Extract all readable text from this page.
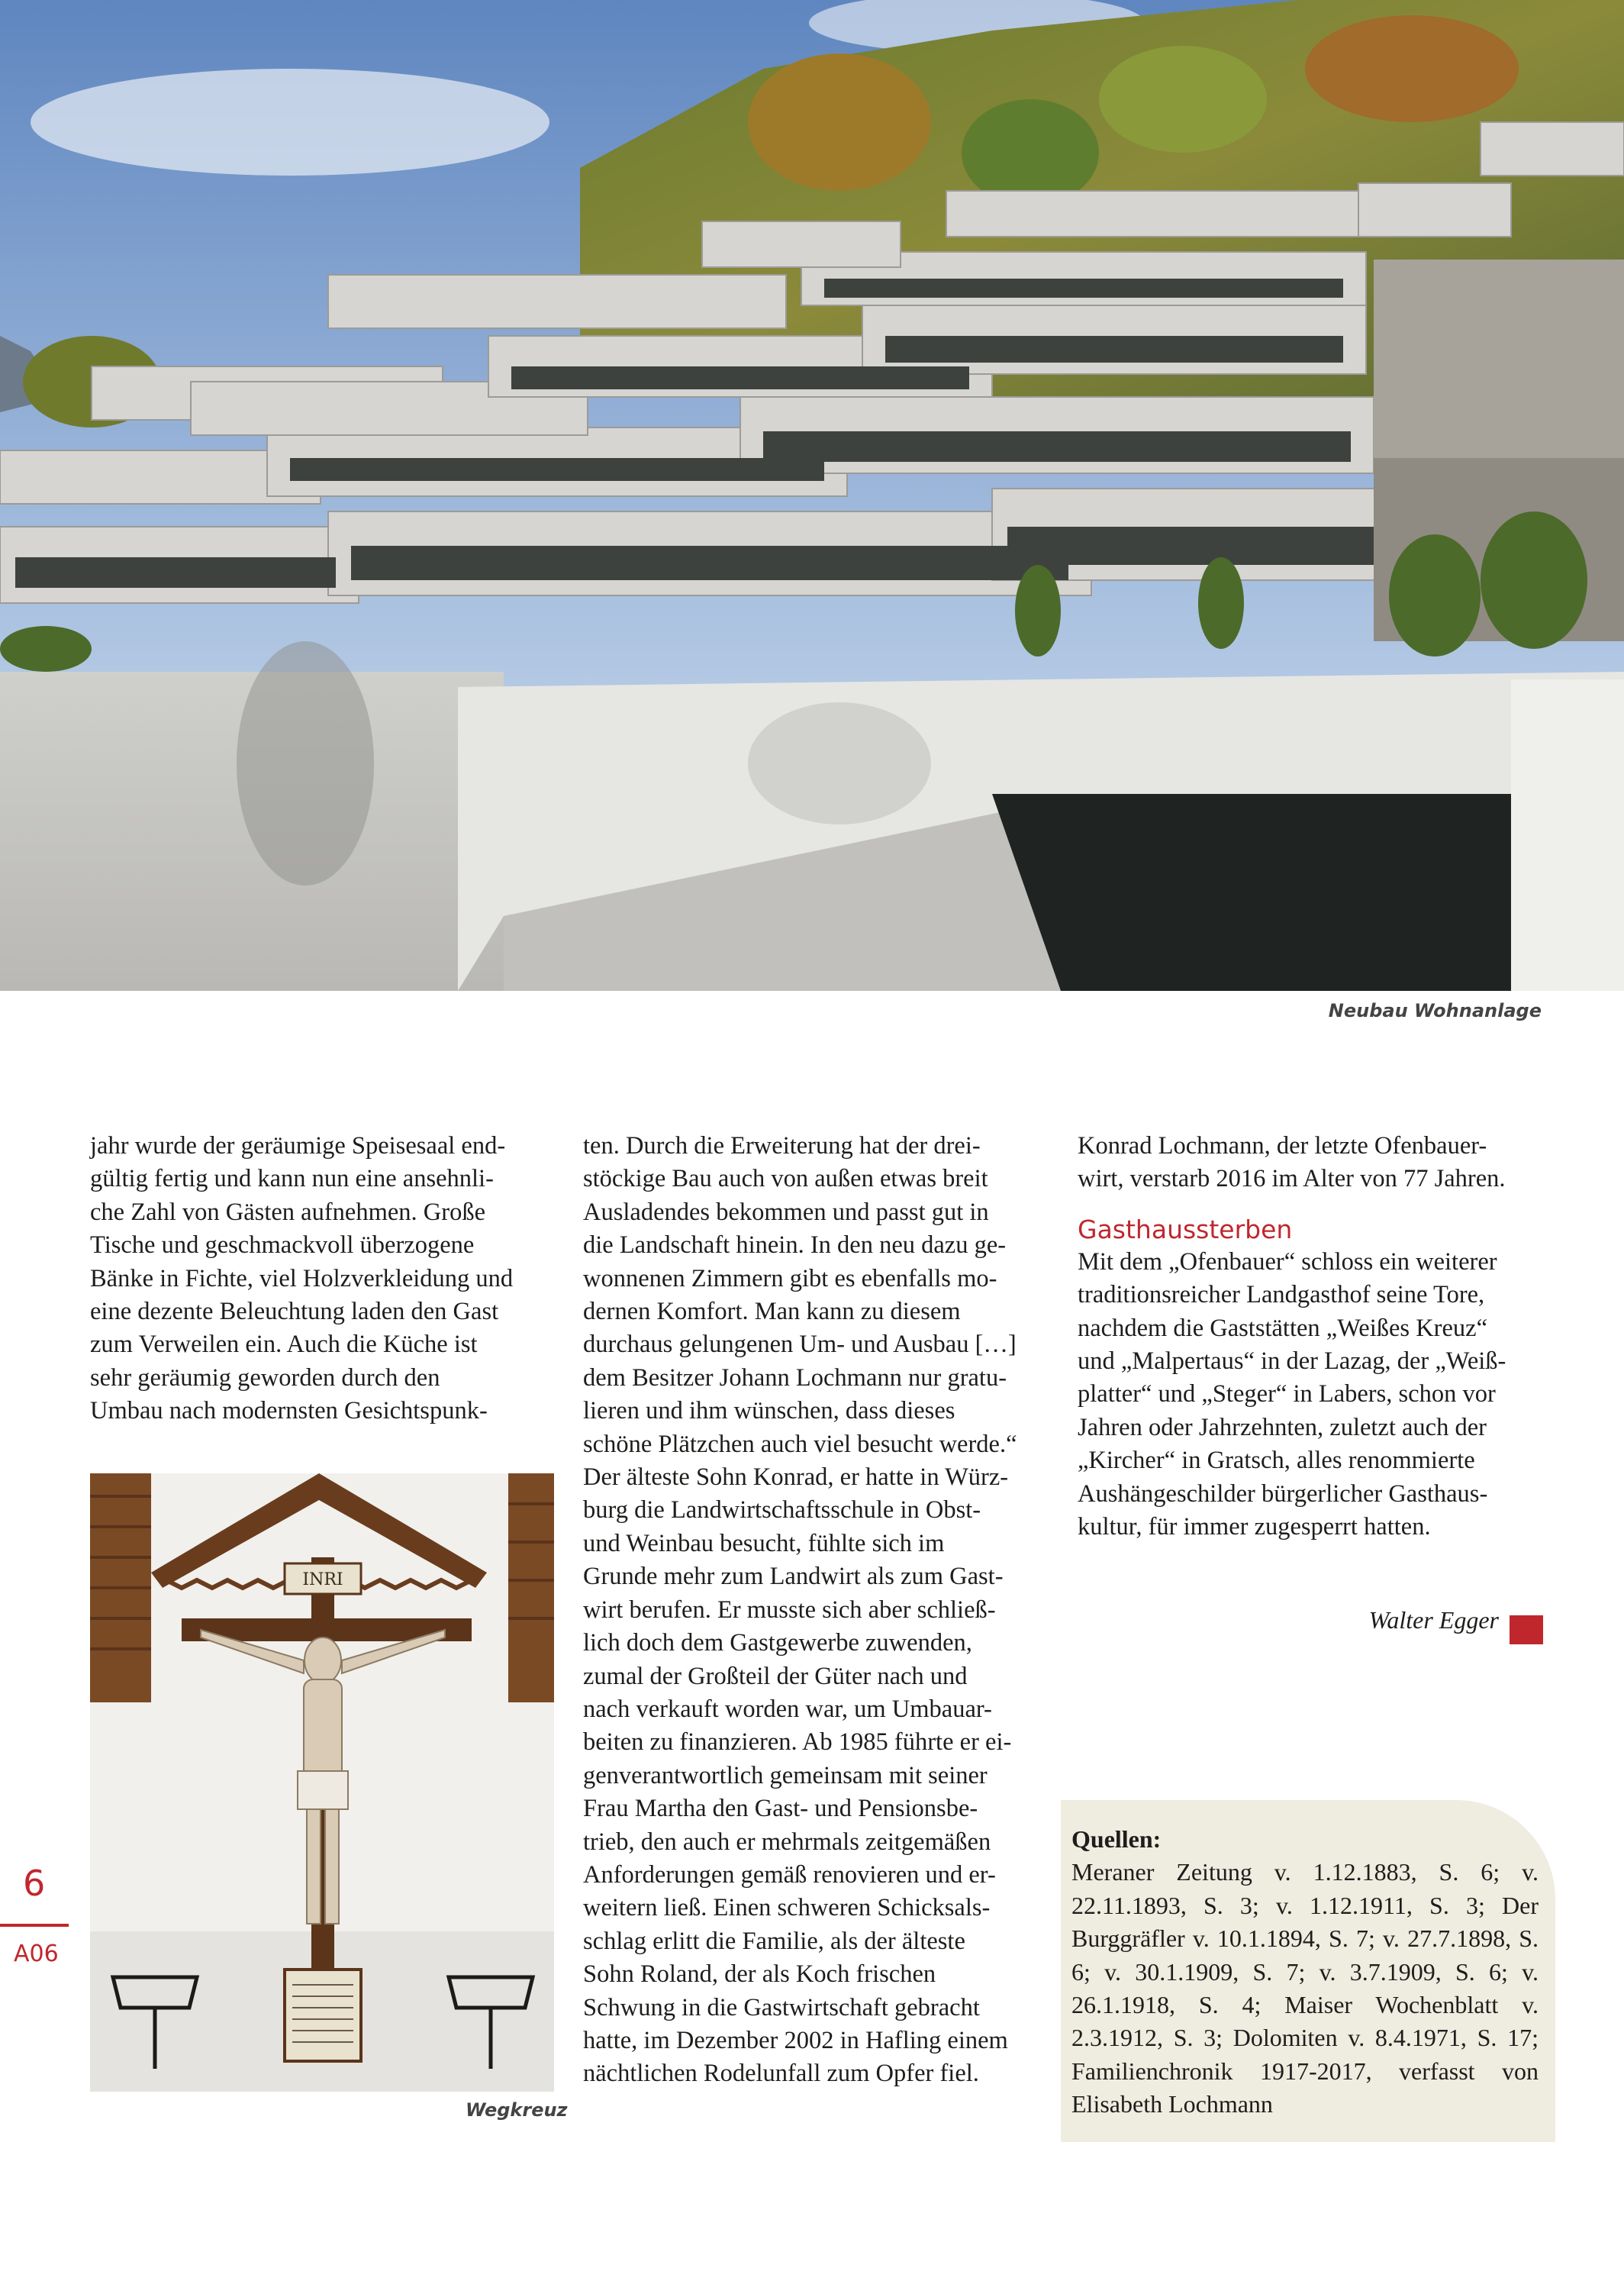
Neubau Wohnanlage

jahr wurde der geräumige Speisesaal end-

gültig fertig und kann nun eine ansehnli-

che Zahl von Gästen aufnehmen. Große

Tische und geschmackvoll überzogene

Bänke in Fichte, viel Holzverkleidung und

eine dezente Beleuchtung laden den Gast

zum Verweilen ein. Auch die Küche ist

sehr geräumig geworden durch den

Umbau nach modernsten Gesichtspunk-

INRI
Wegkreuz

ten. Durch die Erweiterung hat der drei-

stöckige Bau auch von außen etwas breit

Ausladendes bekommen und passt gut in

die Landschaft hinein. In den neu dazu ge-

wonnenen Zimmern gibt es ebenfalls mo-

dernen Komfort. Man kann zu diesem

durchaus gelungenen Um- und Ausbau […]

dem Besitzer Johann Lochmann nur gratu-

lieren und ihm wünschen, dass dieses

schöne Plätzchen auch viel besucht werde.“

Der älteste Sohn Konrad, er hatte in Würz-

burg die Landwirtschaftsschule in Obst-

und Weinbau besucht, fühlte sich im

Grunde mehr zum Landwirt als zum Gast-

wirt berufen. Er musste sich aber schließ-

lich doch dem Gastgewerbe zuwenden,

zumal der Großteil der Güter nach und

nach verkauft worden war, um Umbauar-

beiten zu finanzieren. Ab 1985 führte er ei-

genverantwortlich gemeinsam mit seiner

Frau Martha den Gast- und Pensionsbe-

trieb, den auch er mehrmals zeitgemäßen

Anforderungen gemäß renovieren und er-

weitern ließ. Einen schweren Schicksals-

schlag erlitt die Familie, als der älteste

Sohn Roland, der als Koch frischen

Schwung in die Gastwirtschaft gebracht

hatte, im Dezember 2002 in Hafling einem

nächtlichen Rodelunfall zum Opfer fiel.

Konrad Lochmann, der letzte Ofenbauer-

wirt, verstarb 2016 im Alter von 77 Jahren.

Gasthaussterben

Mit dem „Ofenbauer“ schloss ein weiterer

traditionsreicher Landgasthof seine Tore,

nachdem die Gaststätten „Weißes Kreuz“

und „Malpertaus“ in der Lazag, der „Weiß-

platter“ und „Steger“ in Labers, schon vor

Jahren oder Jahrzehnten, zuletzt auch der

„Kircher“ in Gratsch, alles renommierte

Aushängeschilder bürgerlicher Gasthaus-

kultur, für immer zugesperrt hatten.

Walter Egger
Quellen:
Meraner Zeitung v. 1.12.1883, S. 6; v. 22.11.1893, S. 3; v. 1.12.1911, S. 3; Der Burggräfler v. 10.1.1894, S. 7; v. 27.7.1898, S. 6; v. 30.1.1909, S. 7; v. 3.7.1909, S. 6; v. 26.1.1918, S. 4; Maiser Wochenblatt v. 2.3.1912, S. 3; Dolomiten v. 8.4.1971, S. 17; Familienchronik 1917-2017, verfasst von Elisabeth Lochmann
6
A06
